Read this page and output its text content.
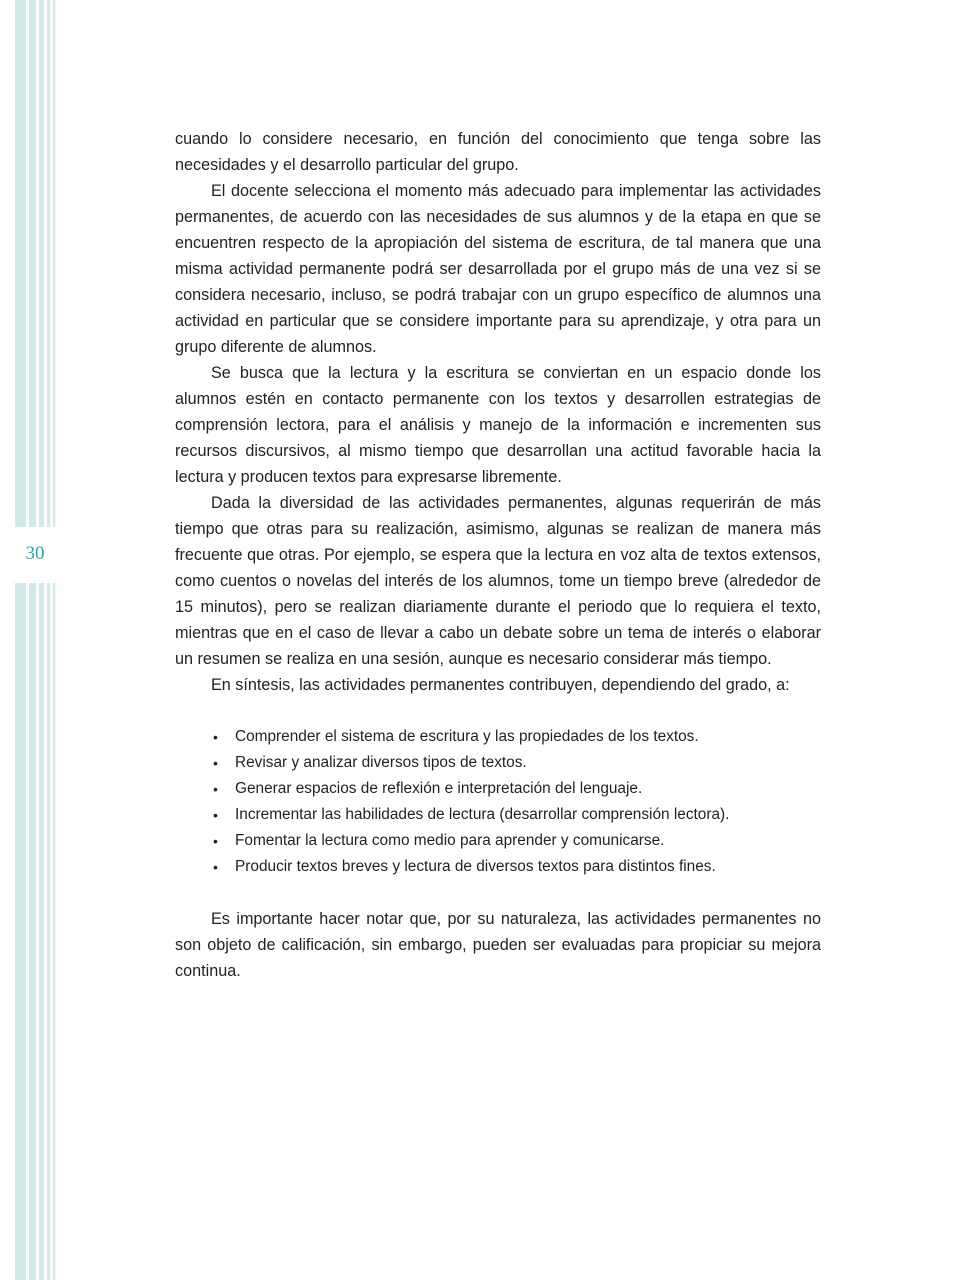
30

cuando lo considere necesario, en función del conocimiento que tenga sobre las necesidades y el desarrollo particular del grupo.

El docente selecciona el momento más adecuado para implementar las actividades permanentes, de acuerdo con las necesidades de sus alumnos y de la etapa en que se encuentren respecto de la apropiación del sistema de escritura, de tal manera que una misma actividad permanente podrá ser desarrollada por el grupo más de una vez si se considera necesario, incluso, se podrá trabajar con un grupo específico de alumnos una actividad en particular que se considere importante para su aprendizaje, y otra para un grupo diferente de alumnos.

Se busca que la lectura y la escritura se conviertan en un espacio donde los alumnos estén en contacto permanente con los textos y desarrollen estrategias de comprensión lectora, para el análisis y manejo de la información e incrementen sus recursos discursivos, al mismo tiempo que desarrollan una actitud favorable hacia la lectura y producen textos para expresarse libremente.

Dada la diversidad de las actividades permanentes, algunas requerirán de más tiempo que otras para su realización, asimismo, algunas se realizan de manera más frecuente que otras. Por ejemplo, se espera que la lectura en voz alta de textos extensos, como cuentos o novelas del interés de los alumnos, tome un tiempo breve (alrededor de 15 minutos), pero se realizan diariamente durante el periodo que lo requiera el texto, mientras que en el caso de llevar a cabo un debate sobre un tema de interés o elaborar un resumen se realiza en una sesión, aunque es necesario considerar más tiempo.

En síntesis, las actividades permanentes contribuyen, dependiendo del grado, a:

• Comprender el sistema de escritura y las propiedades de los textos.
• Revisar y analizar diversos tipos de textos.
• Generar espacios de reflexión e interpretación del lenguaje.
• Incrementar las habilidades de lectura (desarrollar comprensión lectora).
• Fomentar la lectura como medio para aprender y comunicarse.
• Producir textos breves y lectura de diversos textos para distintos fines.

Es importante hacer notar que, por su naturaleza, las actividades permanentes no son objeto de calificación, sin embargo, pueden ser evaluadas para propiciar su mejora continua.
